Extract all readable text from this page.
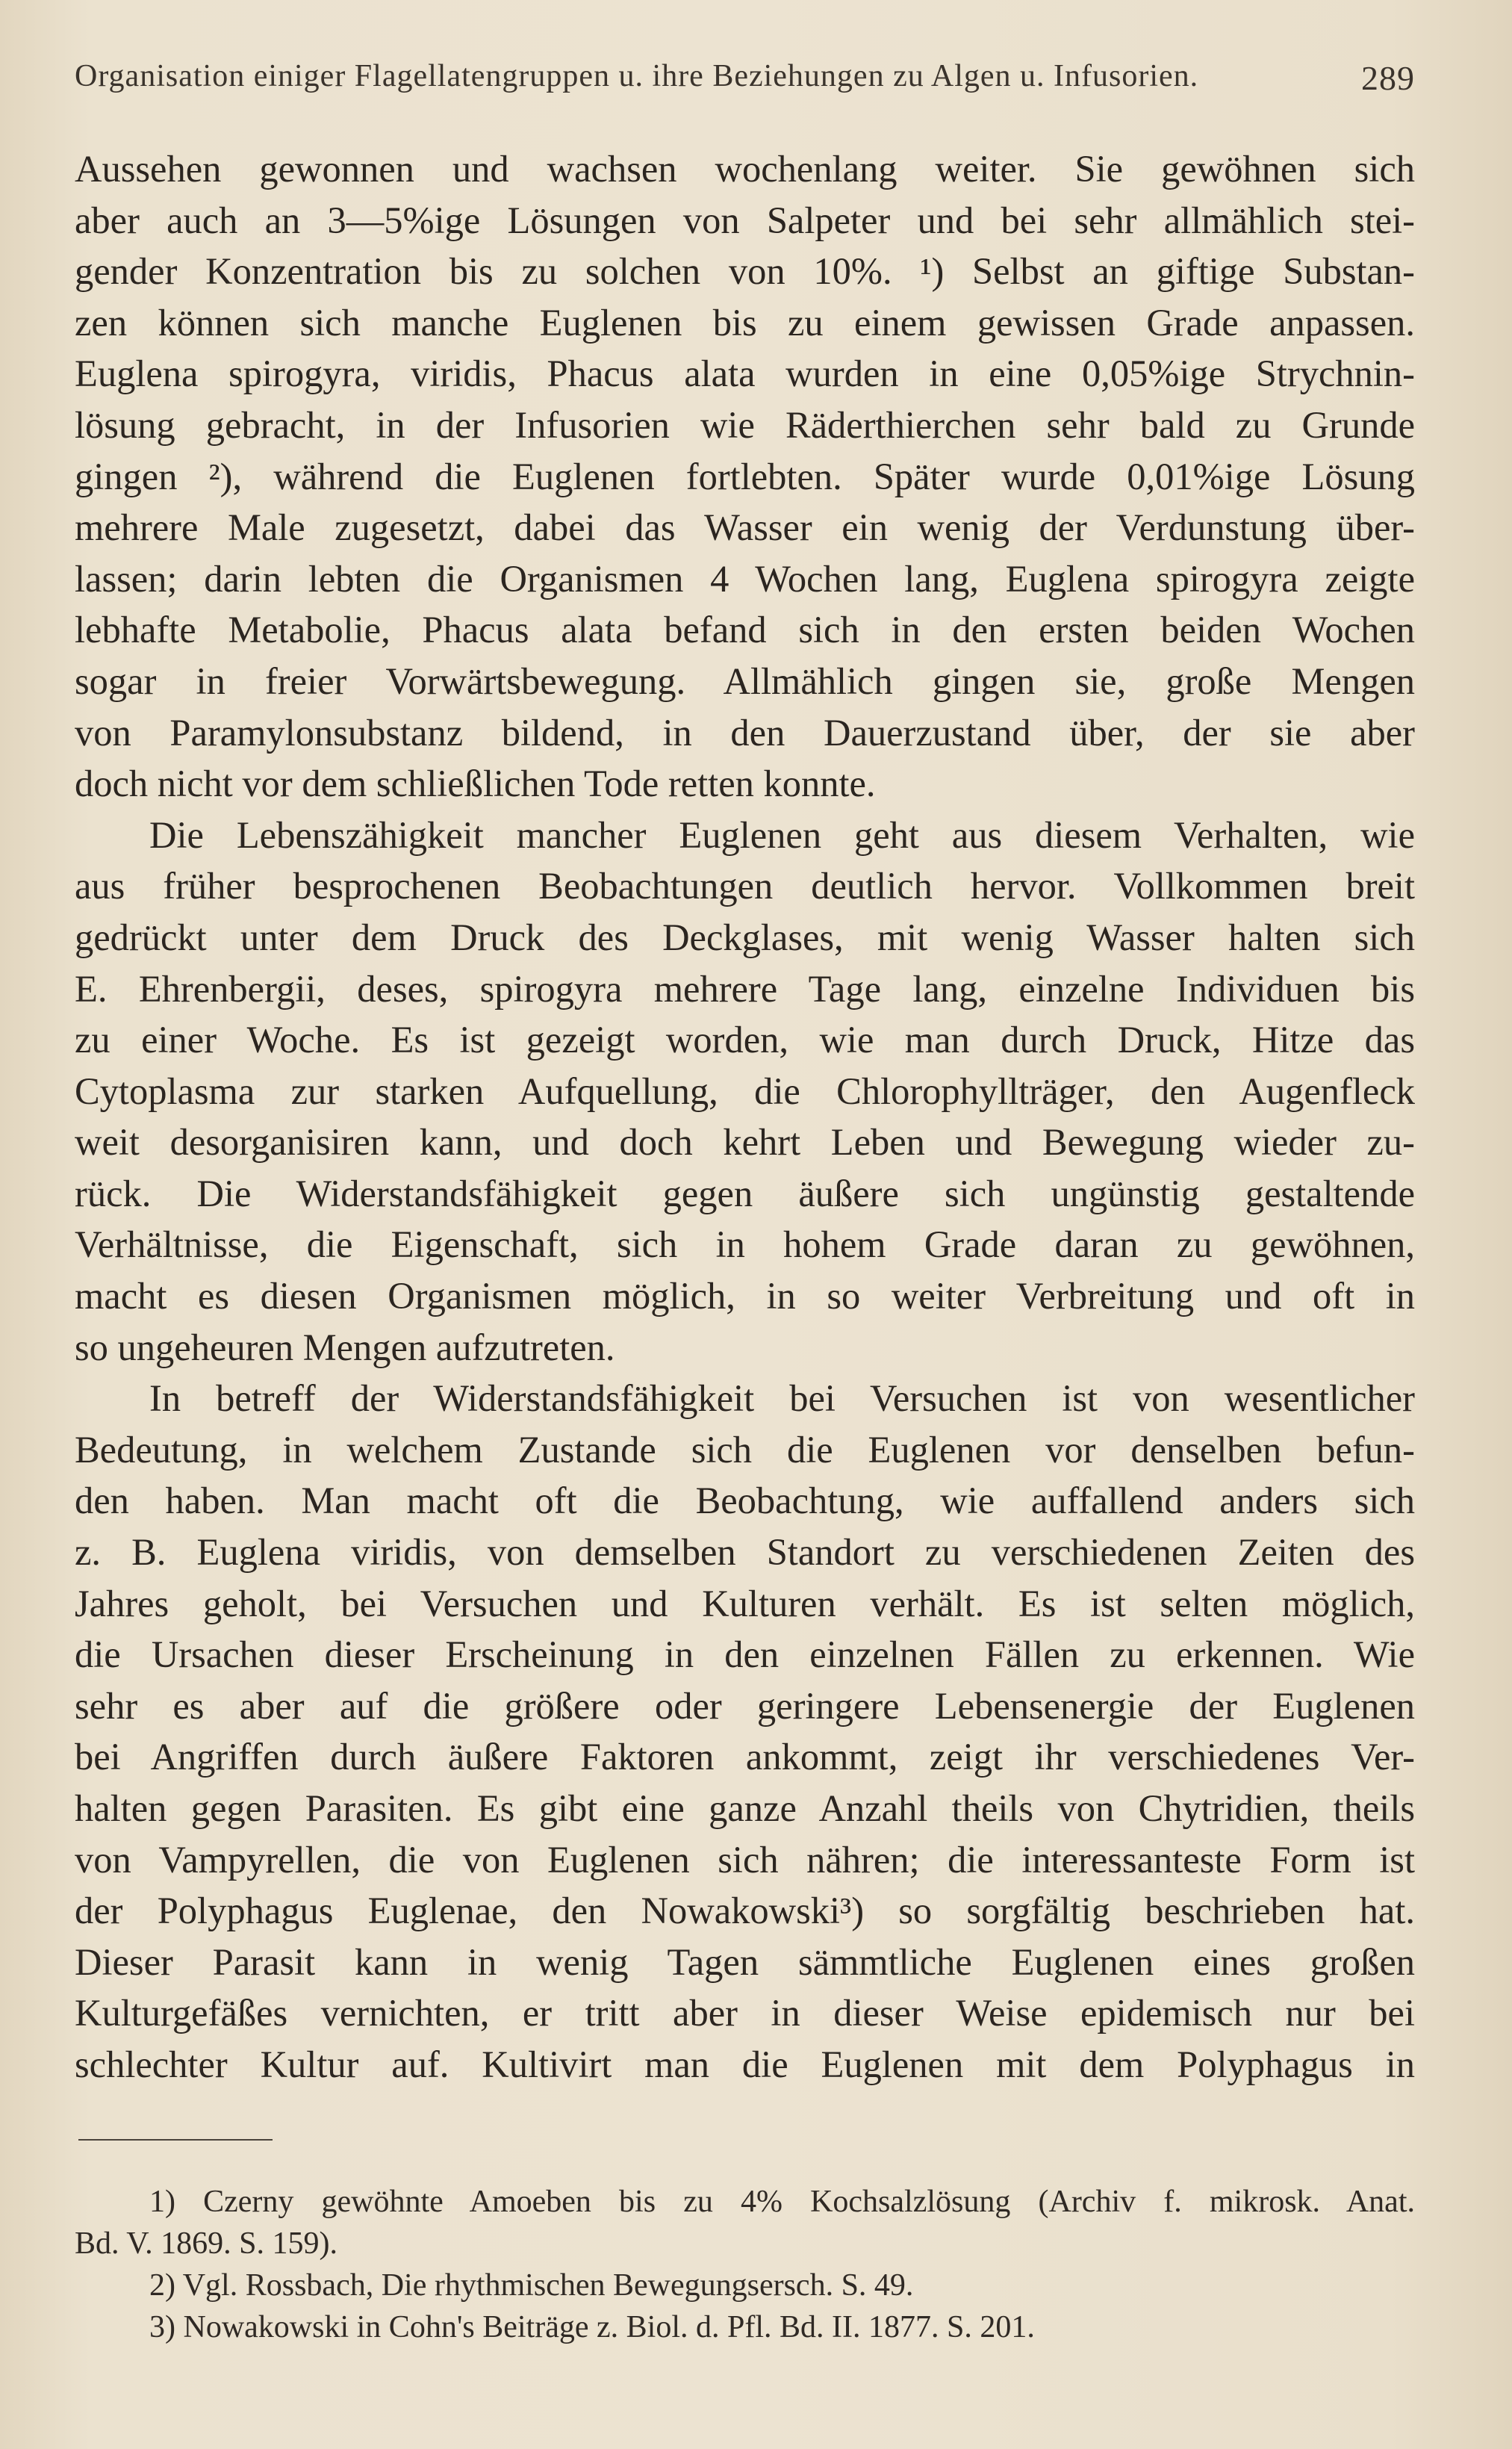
Organisation einiger Flagellatengruppen u. ihre Beziehungen zu Algen u. Infusorien.	289
Aussehen gewonnen und wachsen wochenlang weiter. Sie gewöhnen sich
aber auch an 3—5%ige Lösungen von Salpeter und bei sehr allmählich stei-
gender Konzentration bis zu solchen von 10%. ¹) Selbst an giftige Substan-
zen können sich manche Euglenen bis zu einem gewissen Grade anpassen.
Euglena spirogyra, viridis, Phacus alata wurden in eine 0,05%ige Strychnin-
lösung gebracht, in der Infusorien wie Räderthierchen sehr bald zu Grunde
gingen ²), während die Euglenen fortlebten. Später wurde 0,01%ige Lösung
mehrere Male zugesetzt, dabei das Wasser ein wenig der Verdunstung über-
lassen; darin lebten die Organismen 4 Wochen lang, Euglena spirogyra zeigte
lebhafte Metabolie, Phacus alata befand sich in den ersten beiden Wochen
sogar in freier Vorwärtsbewegung. Allmählich gingen sie, große Mengen
von Paramylonsubstanz bildend, in den Dauerzustand über, der sie aber
doch nicht vor dem schließlichen Tode retten konnte.
Die Lebenszähigkeit mancher Euglenen geht aus diesem Verhalten, wie
aus früher besprochenen Beobachtungen deutlich hervor. Vollkommen breit
gedrückt unter dem Druck des Deckglases, mit wenig Wasser halten sich
E. Ehrenbergii, deses, spirogyra mehrere Tage lang, einzelne Individuen bis
zu einer Woche. Es ist gezeigt worden, wie man durch Druck, Hitze das
Cytoplasma zur starken Aufquellung, die Chlorophyllträger, den Augenfleck
weit desorganisiren kann, und doch kehrt Leben und Bewegung wieder zu-
rück. Die Widerstandsfähigkeit gegen äußere sich ungünstig gestaltende
Verhältnisse, die Eigenschaft, sich in hohem Grade daran zu gewöhnen,
macht es diesen Organismen möglich, in so weiter Verbreitung und oft in
so ungeheuren Mengen aufzutreten.
In betreff der Widerstandsfähigkeit bei Versuchen ist von wesentlicher
Bedeutung, in welchem Zustande sich die Euglenen vor denselben befun-
den haben. Man macht oft die Beobachtung, wie auffallend anders sich
z. B. Euglena viridis, von demselben Standort zu verschiedenen Zeiten des
Jahres geholt, bei Versuchen und Kulturen verhält. Es ist selten möglich,
die Ursachen dieser Erscheinung in den einzelnen Fällen zu erkennen. Wie
sehr es aber auf die größere oder geringere Lebensenergie der Euglenen
bei Angriffen durch äußere Faktoren ankommt, zeigt ihr verschiedenes Ver-
halten gegen Parasiten. Es gibt eine ganze Anzahl theils von Chytridien, theils
von Vampyrellen, die von Euglenen sich nähren; die interessanteste Form ist
der Polyphagus Euglenae, den Nowakowski³) so sorgfältig beschrieben hat.
Dieser Parasit kann in wenig Tagen sämmtliche Euglenen eines großen
Kulturgefäßes vernichten, er tritt aber in dieser Weise epidemisch nur bei
schlechter Kultur auf. Kultivirt man die Euglenen mit dem Polyphagus in
1) Czerny gewöhnte Amoeben bis zu 4% Kochsalzlösung (Archiv f. mikrosk. Anat.
Bd. V. 1869. S. 159).
2) Vgl. Rossbach, Die rhythmischen Bewegungsersch. S. 49.
3) Nowakowski in Cohn's Beiträge z. Biol. d. Pfl. Bd. II. 1877. S. 201.
